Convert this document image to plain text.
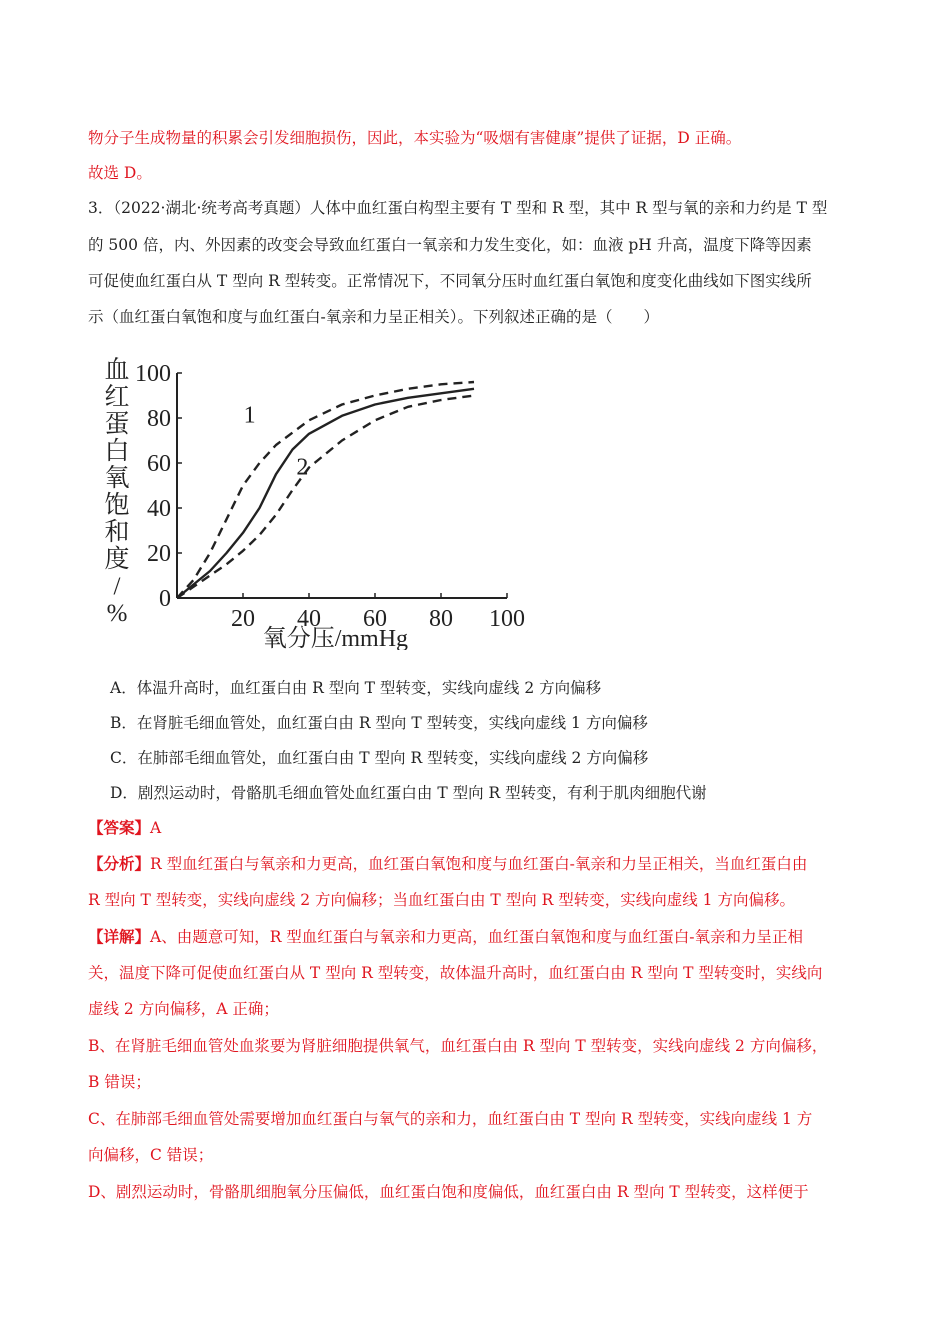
物分子生成物量的积累会引发细胞损伤，因此，本实验为“吸烟有害健康”提供了证据，D 正确。
故选 D。
3．（2022·湖北·统考高考真题）人体中血红蛋白构型主要有 T 型和 R 型，其中 R 型与氧的亲和力约是 T 型
的 500 倍，内、外因素的改变会导致血红蛋白一氧亲和力发生变化，如：血液 pH 升高，温度下降等因素
可促使血红蛋白从 T 型向 R 型转变。正常情况下，不同氧分压时血红蛋白氧饱和度变化曲线如下图实线所
示（血红蛋白氧饱和度与血红蛋白-氧亲和力呈正相关）。下列叙述正确的是（　　）
0
20
40
60
80
100
20 40 60 80 100
血
红
蛋
白
氧
饱
和
度
/
%
氧分压/mmHg
1
2
A．体温升高时，血红蛋白由 R 型向 T 型转变，实线向虚线 2 方向偏移
B．在肾脏毛细血管处，血红蛋白由 R 型向 T 型转变，实线向虚线 1 方向偏移
C．在肺部毛细血管处，血红蛋白由 T 型向 R 型转变，实线向虚线 2 方向偏移
D．剧烈运动时，骨骼肌毛细血管处血红蛋白由 T 型向 R 型转变，有利于肌肉细胞代谢
【答案】A
【分析】R 型血红蛋白与氧亲和力更高，血红蛋白氧饱和度与血红蛋白-氧亲和力呈正相关，当血红蛋白由
R 型向 T 型转变，实线向虚线 2 方向偏移；当血红蛋白由 T 型向 R 型转变，实线向虚线 1 方向偏移。
【详解】A、由题意可知，R 型血红蛋白与氧亲和力更高，血红蛋白氧饱和度与血红蛋白-氧亲和力呈正相
关，温度下降可促使血红蛋白从 T 型向 R 型转变，故体温升高时，血红蛋白由 R 型向 T 型转变时，实线向
虚线 2 方向偏移，A 正确；
B、在肾脏毛细血管处血浆要为肾脏细胞提供氧气，血红蛋白由 R 型向 T 型转变，实线向虚线 2 方向偏移，
B 错误；
C、在肺部毛细血管处需要增加血红蛋白与氧气的亲和力，血红蛋白由 T 型向 R 型转变，实线向虚线 1 方
向偏移，C 错误；
D、剧烈运动时，骨骼肌细胞氧分压偏低，血红蛋白饱和度偏低，血红蛋白由 R 型向 T 型转变，这样便于
